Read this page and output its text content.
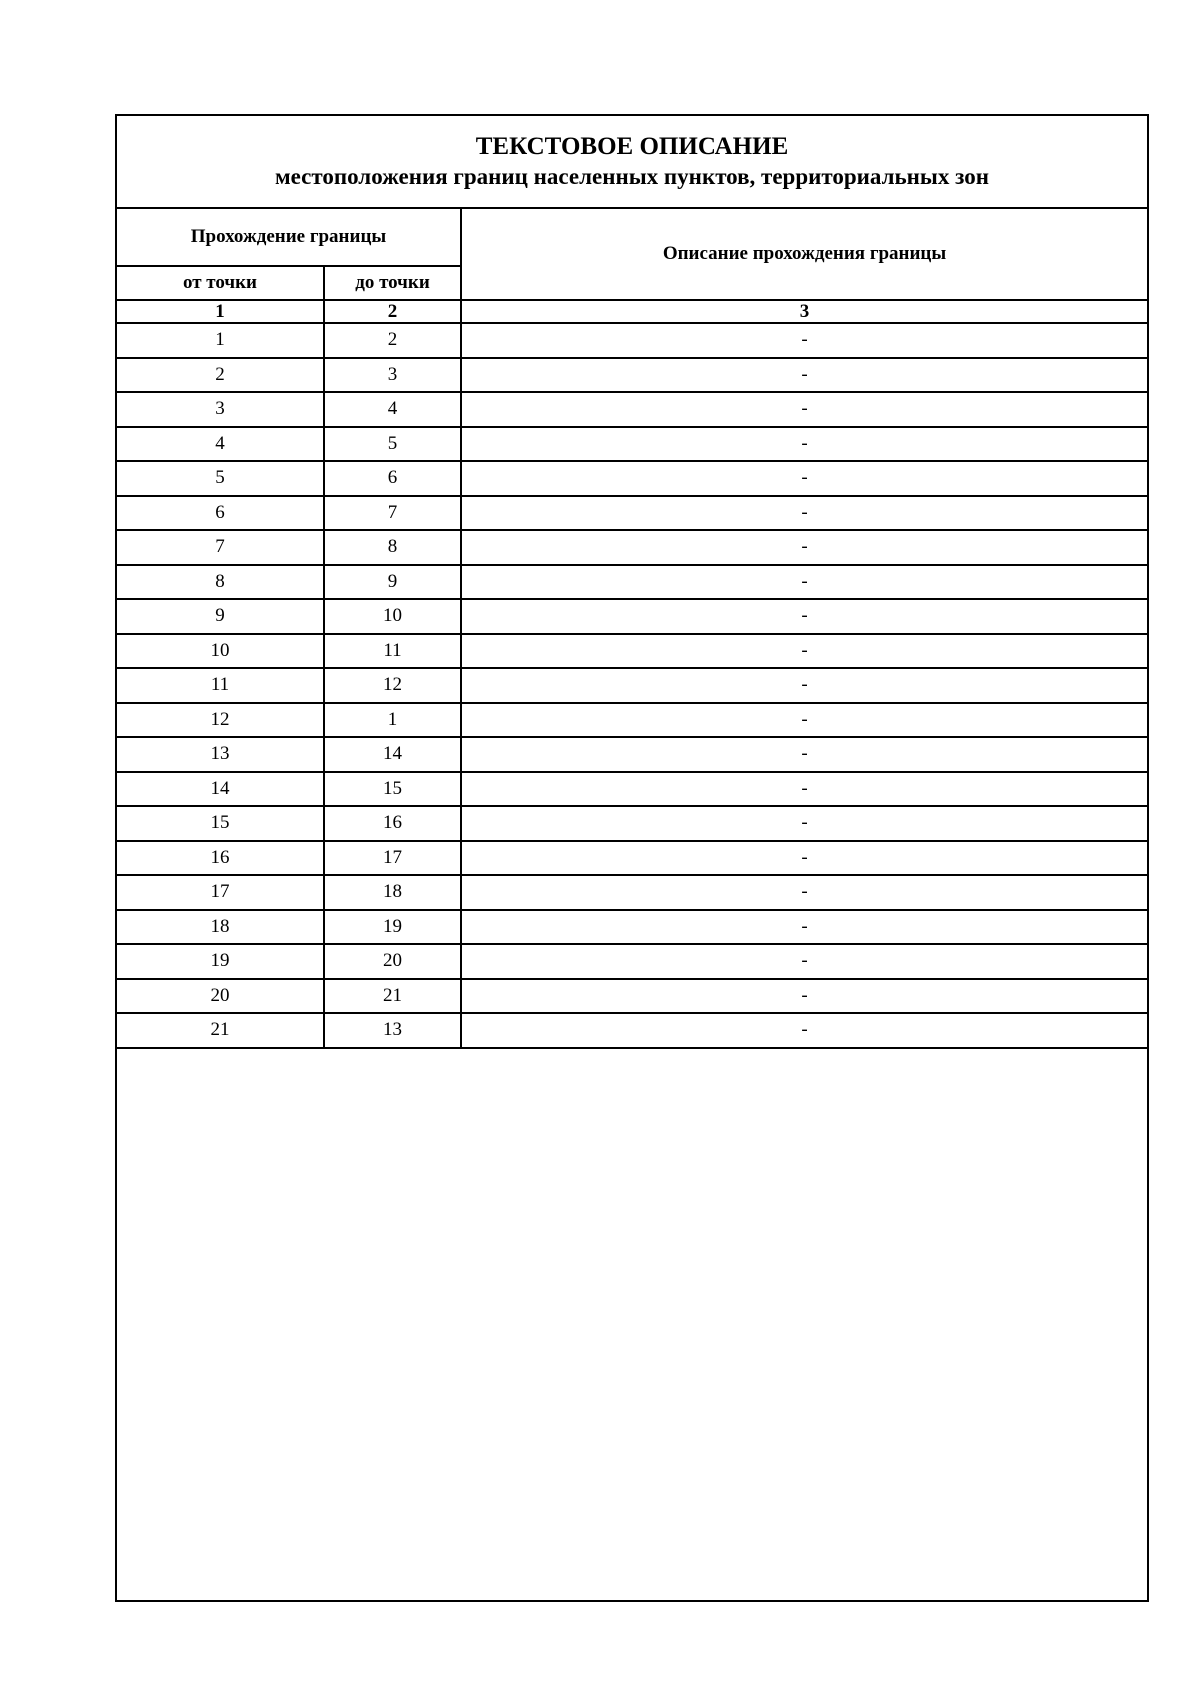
ТЕКСТОВОЕ ОПИСАНИЕ
местоположения границ населенных пунктов, территориальных зон
Прохождение границы		Описание прохождения границы
от точки	до точки	
1	2	3
1	2	-
2	3	-
3	4	-
4	5	-
5	6	-
6	7	-
7	8	-
8	9	-
9	10	-
10	11	-
11	12	-
12	1	-
13	14	-
14	15	-
15	16	-
16	17	-
17	18	-
18	19	-
19	20	-
20	21	-
21	13	-
